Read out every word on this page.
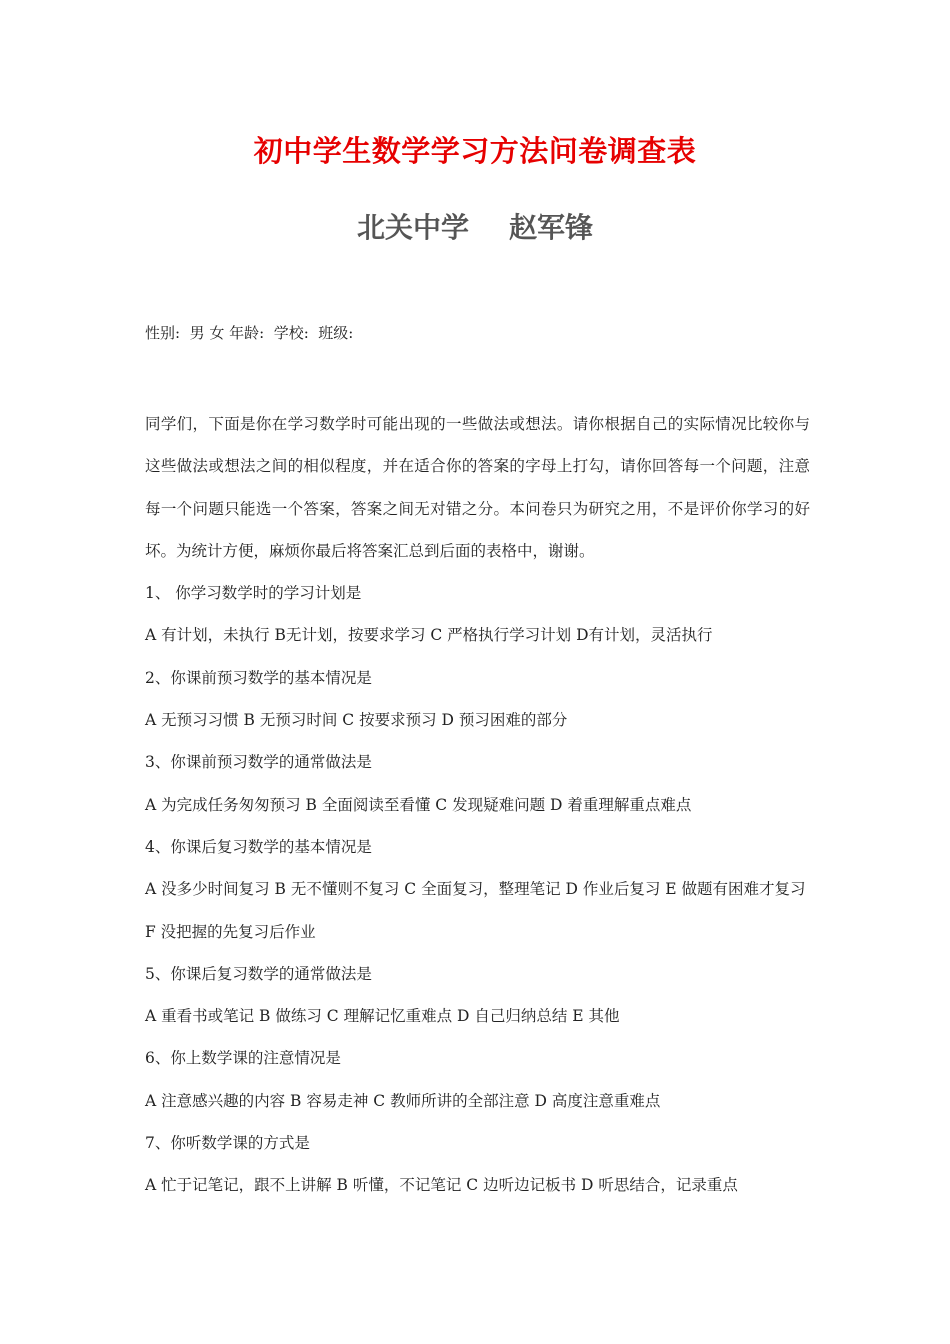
初中学生数学学习方法问卷调查表
北关中学 赵军锋
性别:  男 女 年龄:  学校:  班级:

同学们，下面是你在学习数学时可能出现的一些做法或想法。请你根据自己的实际情况比较你与这些做法或想法之间的相似程度，并在适合你的答案的字母上打勾，请你回答每一个问题，注意每一个问题只能选一个答案，答案之间无对错之分。本问卷只为研究之用，不是评价你学习的好坏。为统计方便，麻烦你最后将答案汇总到后面的表格中，谢谢。

1、 你学习数学时的学习计划是
A 有计划，未执行 B无计划，按要求学习 C 严格执行学习计划 D有计划，灵活执行
2、你课前预习数学的基本情况是
A 无预习习惯 B 无预习时间 C 按要求预习 D 预习困难的部分
3、你课前预习数学的通常做法是
A 为完成任务匆匆预习 B 全面阅读至看懂 C 发现疑难问题 D 着重理解重点难点
4、你课后复习数学的基本情况是
A 没多少时间复习 B 无不懂则不复习 C 全面复习，整理笔记 D 作业后复习 E 做题有困难才复习 F 没把握的先复习后作业
5、你课后复习数学的通常做法是
A 重看书或笔记 B 做练习 C 理解记忆重难点 D 自己归纳总结 E 其他
6、你上数学课的注意情况是
A 注意感兴趣的内容 B 容易走神 C 教师所讲的全部注意 D 高度注意重难点
7、你听数学课的方式是
A 忙于记笔记，跟不上讲解 B 听懂，不记笔记 C 边听边记板书 D 听思结合，记录重点
